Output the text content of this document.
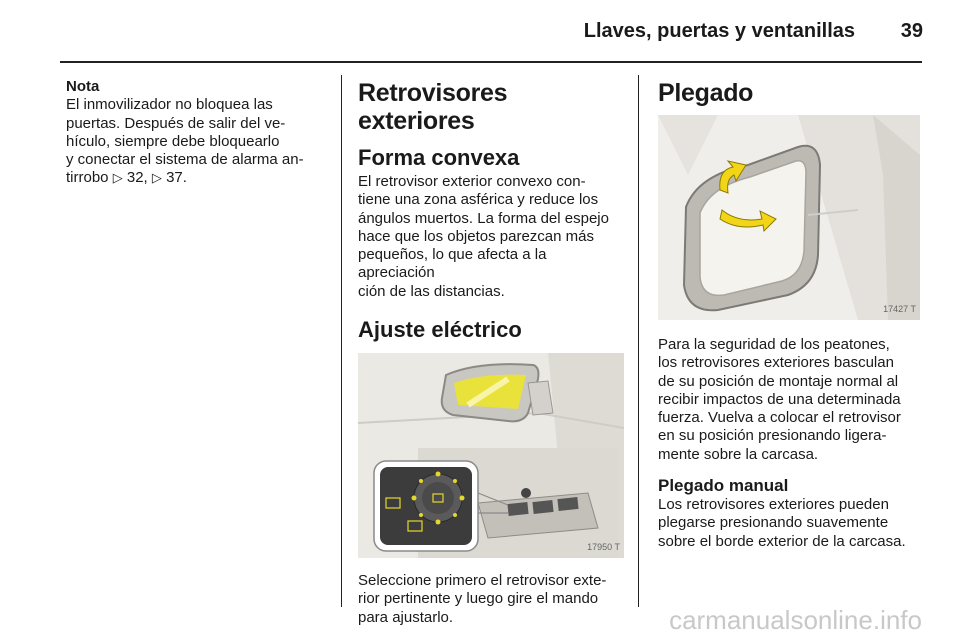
Llaves, puertas y ventanillas 39
Nota
El inmovilizador no bloquea las
puertas. Después de salir del ve-
hículo, siempre debe bloquearlo
y conectar el sistema de alarma an-
tirrobo ▷ 32, ▷ 37.
Retrovisores exteriores
Forma convexa
El retrovisor exterior convexo con-
tiene una zona asférica y reduce los
ángulos muertos. La forma del espejo
hace que los objetos parezcan más
pequeños, lo que afecta a la apreciación
ción de las distancias.
Ajuste eléctrico
17950 T
Seleccione primero el retrovisor exte-
rior pertinente y luego gire el mando
para ajustarlo.
Plegado
17427 T
Para la seguridad de los peatones,
los retrovisores exteriores basculan
de su posición de montaje normal al
recibir impactos de una determinada
fuerza. Vuelva a colocar el retrovisor
en su posición presionando ligera-
mente sobre la carcasa.
Plegado manual
Los retrovisores exteriores pueden
plegarse presionando suavemente
sobre el borde exterior de la carcasa.
carmanualsonline.info
